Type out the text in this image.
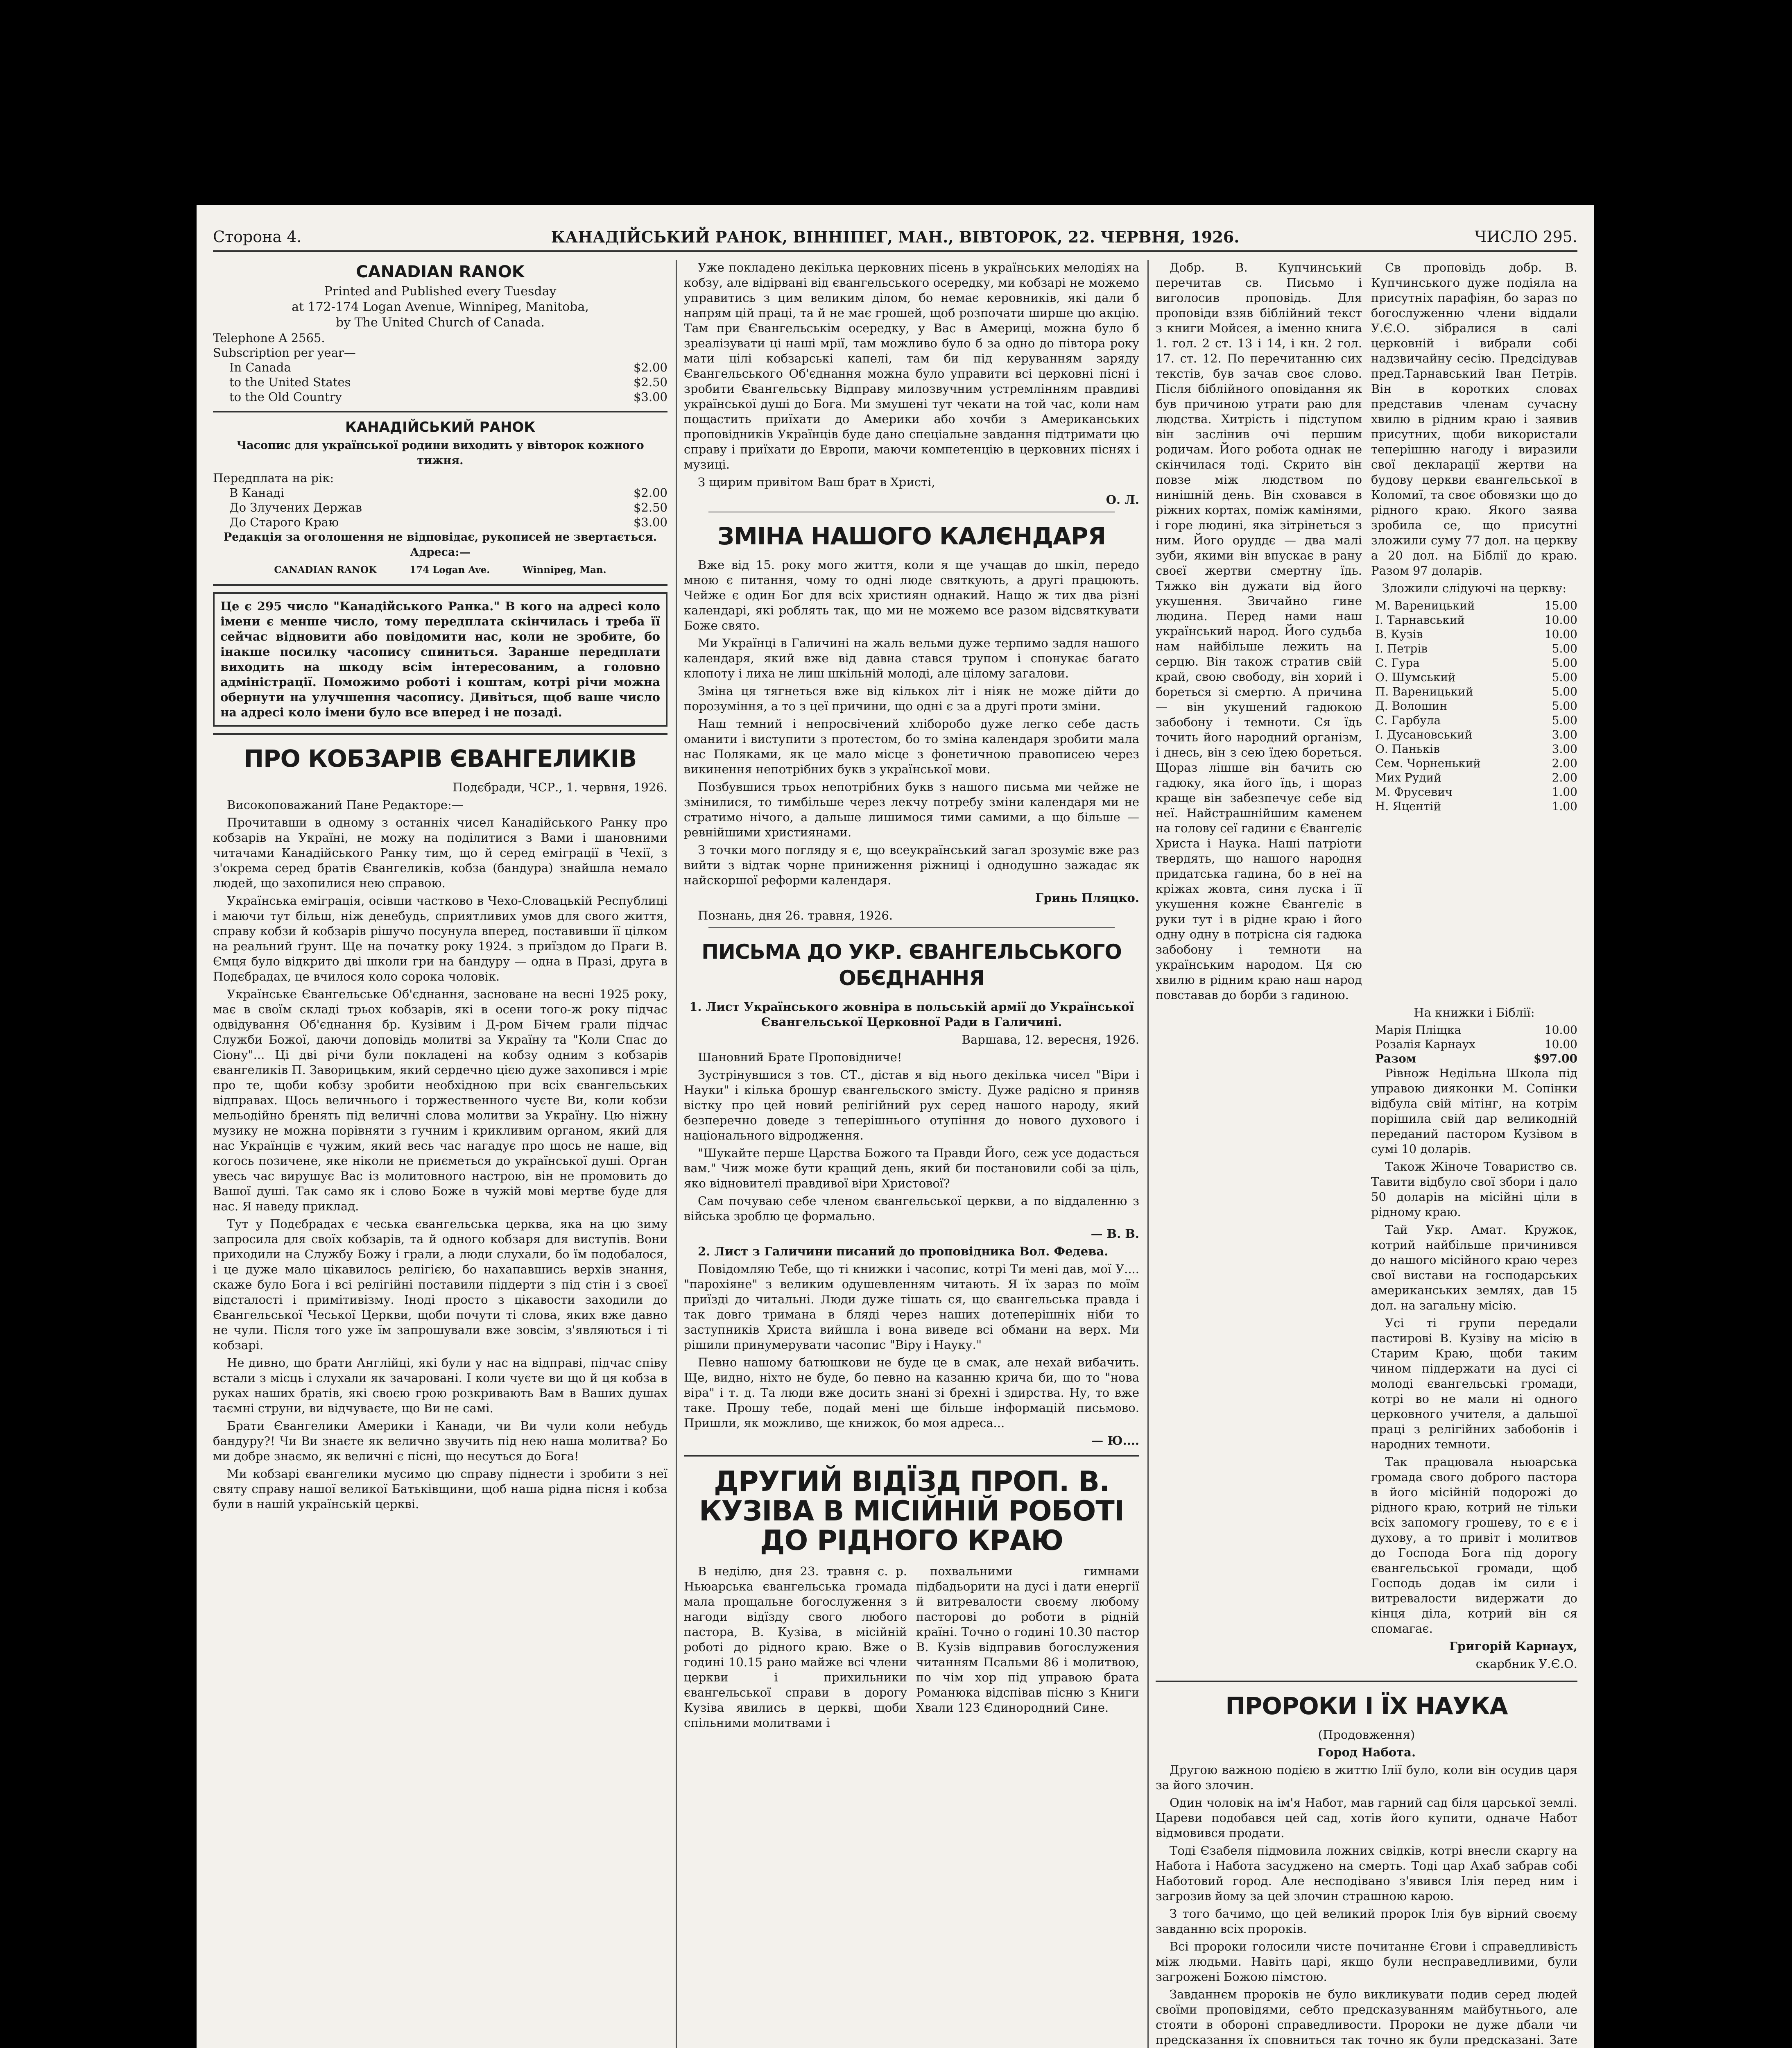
Сторона 4.	КАНАДІЙСЬКИЙ РАНОК, ВІННІПЕГ, МАН., ВІВТОРОК, 22. ЧЕРВНЯ, 1926.	ЧИСЛО 295.
CANADIAN RANOK
Printed and Published every Tuesday
at 172-174 Logan Avenue, Winnipeg, Manitoba,
by The United Church of Canada.
Telephone A 2565.
Subscription per year—
In Canada	$2.00
to the United States	$2.50
to the Old Country	$3.00
КАНАДІЙСЬКИЙ РАНОК
Часопис для української родини виходить у вівторок кожного тижня.
Передплата на рік:
В Канаді	$2.00
До Злучених Держав	$2.50
До Старого Краю	$3.00
Редакція за оголошення не відповідає, рукописей не звертається. Адреса:—
CANADIAN RANOK          174 Logan Ave.          Winnipeg, Man.
Це є 295 число "Канадійського Ранка." В кого на адресі коло імени є менше число, тому передплата скінчилась і треба її сейчас відновити або повідомити нас, коли не зробите, бо інакше посилку часопису спиниться. Заранше передплати виходить на шкоду всім інтересованим, а головно адміністрації. Поможимо роботі і коштам, котрі річи можна обернути на улучшення часопису. Дивіться, щоб ваше число на адресі коло імени було все вперед і не позаді.
ПРО КОБЗАРІВ ЄВАНГЕЛИКІВ
Подєбради, ЧСР., 1. червня, 1926.
Високоповажаний Пане Редакторе:—

Прочитавши в одному з останніх чисел Канадійського Ранку про кобзарів на Україні, не можу на поділитися з Вами і шановними читачами Канадійського Ранку тим, що й серед еміграції в Чехії, з з'окрема серед братів Євангеликів, кобза (бандура) знайшла немало людей, що захопилися нею справою.

Українська еміграція, осівши частково в Чехо-Словацькій Республиці і маючи тут більш, ніж денебудь, сприятливих умов для свого життя, справу кобзи й кобзарів рішучо посунула вперед, поставивши її цілком на реальний ґрунт. Ще на початку року 1924. з приїздом до Праги В. Ємця було відкрито дві школи гри на бандуру — одна в Празі, друга в Подєбрадах, це вчилося коло сорока чоловік.

Українське Євангельське Об'єднання, засноване на весні 1925 року, має в своїм складі трьох кобзарів, які в осени того-ж року підчас одвідування Об'єднання бр. Кузівим і Д-ром Бічем грали підчас Служби Божої, даючи доповідь молитві за Україну та "Коли Спас до Сіону"... Ці дві річи були покладені на кобзу одним з кобзарів євангеликів П. Заворицьким, який сердечно цією дуже захопився і мріє про те, щоби кобзу зробити необхідною при всіх євангельських відправах. Щось величнього і торжественного чуєте Ви, коли кобзи мельодійно бренять під величні слова молитви за Україну. Цю ніжну музику не можна порівняти з гучним і крикливим органом, який для нас Українців є чужим, який весь час нагадує про щось не наше, від когось позичене, яке ніколи не приєметься до української душі. Орган увесь час вирушує Вас із молитовного настрою, він не промовить до Вашої душі. Так само як і слово Боже в чужій мові мертве буде для нас. Я наведу приклад.

Тут у Подєбрадах є чеська євангельська церква, яка на цю зиму запросила для своїх кобзарів, та й одного кобзаря для виступів. Вони приходили на Службу Божу і грали, а люди слухали, бо їм подобалося, і це дуже мало цікавилось релігією, бо нахапавшись верхів знання, скаже було Бога і всі релігійні поставили піддерти з під стін і з своєї відсталості і примітивізму. Іноді просто з цікавости заходили до Євангельської Чеської Церкви, щоби почути ті слова, яких вже давно не чули. Після того уже їм запрошували вже зовсім, з'являються і ті кобзарі.

Не дивно, що брати Англійці, які були у нас на відправі, підчас співу встали з місць і слухали як зачаровані. І коли чуєте ви що й ця кобза в руках наших братів, які своєю грою розкривають Вам в Ваших душах таємні струни, ви відчуваєте, що Ви не самі.

Брати Євангелики Америки і Канади, чи Ви чули коли небудь бандуру?! Чи Ви знаєте як велично звучить під нею наша молитва? Бо ми добре знаємо, як величні є пісні, що несуться до Бога!

Ми кобзарі євангелики мусимо цю справу піднести і зробити з неї святу справу нашої великої Батьківщини, щоб наша рідна пісня і кобза були в нашій українській церкві.

Уже покладено декілька церковних пісень в українських мелодіях на кобзу, але відірвані від євангельського осередку, ми кобзарі не можемо управитись з цим великим ділом, бо немає керовників, які дали б напрям цій праці, та й не має грошей, щоб розпочати ширше цю акцію. Там при Євангельськім осередку, у Вас в Америці, можна було б зреалізувати ці наші мрії, там можливо було б за одно до півтора року мати цілі кобзарські капелі, там би під керуванням заряду Євангельського Об'єднання можна було управити всі церковні пісні і зробити Євангельську Відправу милозвучним устремлінням правдиві української душі до Бога. Ми змушені тут чекати на той час, коли нам пощастить приїхати до Америки або хочби з Американських проповідників Українців буде дано спеціальне завдання підтримати цю справу і приїхати до Европи, маючи компетенцію в церковних піснях і музиці.

З щирим привітом Ваш брат в Христі,

О. Л.
ЗМІНА НАШОГО КАЛЄНДАРЯ

Вже від 15. року мого життя, коли я ще учащав до шкіл, передо мною є питання, чому то одні люде святкують, а другі працюють. Чейже є один Бог для всіх християн однакий. Нащо ж тих два різні календарі, які роблять так, що ми не можемо все разом відсвяткувати Боже свято.

Ми Українці в Галичині на жаль вельми дуже терпимо задля нашого календаря, який вже від давна стався трупом і спонукає багато клопоту і лиха не лиш шкільній молоді, але цілому загалови.

Зміна ця тягнеться вже від кількох літ і ніяк не може дійти до порозуміння, а то з цеї причини, що одні є за а другі проти зміни.

Наш темний і непросвічений хліборобо дуже легко себе дасть оманити і виступити з протестом, бо то зміна календаря зробити мала нас Поляками, як це мало місце з фонетичною правописею через викинення непотрібних букв з української мови.

Позбувшися трьох непотрібних букв з нашого письма ми чейже не змінилися, то тимбільше через лекчу потребу зміни календаря ми не стратимо нічого, а дальше лишимося тими самими, а що більше — ревнійшими християнами.

З точки мого погляду я є, що всеукраїнський загал зрозуміє вже раз вийти з відтак чорне приниження ріжниці і однодушно зажадає як найскоршої реформи календаря.

Гринь Пляцко.
Познань, дня 26. травня, 1926.
ПИСЬМА ДО УКР. ЄВАНГЕЛЬСЬКОГО ОБЄДНАННЯ
1. Лист Українського жовніра в польській армії до Української Євангельської Церковної Ради в Галичині.
Варшава, 12. вересня, 1926.
Шановний Брате Проповідниче!

Зустрінувшися з тов. СТ., дістав я від нього декілька чисел "Віри і Науки" і кілька брошур євангельского змісту. Дуже радісно я приняв вістку про цей новий релігійний рух серед нашого народу, який безперечно доведе з теперішнього отупіння до нового духового і національного відродження.

"Шукайте перше Царства Божого та Правди Його, сеж усе додасться вам." Чиж може бути кращий день, який би постановили собі за ціль, яко відновителі правдивої віри Христової?

Сам почуваю себе членом євангельської церкви, а по віддаленню з війська зроблю це формально.

— В. В.
2. Лист з Галичини писаний до проповідника Вол. Федева.

Повідомляю Тебе, що ті книжки і часопис, котрі Ти мені дав, мої У.... "парохіяне" з великим одушевленням читають. Я їх зараз по моїм приїзді до читальні. Люди дуже тішать ся, що євангельська правда і так довго тримана в бляді через наших дотеперішніх ніби то заступників Христа вийшла і вона виведе всі обмани на верх. Ми рішили принумерувати часопис "Віру і Науку."

Певно нашому батюшкови не буде це в смак, але нехай вибачить. Ще, видно, ніхто не буде, бо певно на казанню крича би, що то "нова віра" і т. д. Та люди вже досить знані зі брехні і здирства. Ну, то вже таке. Прошу тебе, подай мені ще більше інформацій письмово. Пришли, як можливо, ще книжок, бо моя адреса...

— Ю....
ДРУГИЙ ВІДЇЗД ПРОП. В. КУЗІВА В МІСІЙНІЙ РОБОТІ ДО РІДНОГО КРАЮ

В неділю, дня 23. травня с. р. Ньюарська євангельська громада мала прощальне богослуження з нагоди відїзду свого любого пастора, В. Кузіва, в місійній роботі до рідного краю. Вже о годині 10.15 рано майже всі члени церкви і прихильники євангельської справи в дорогу Кузіва явились в церкві, щоби спільними молитвами і

похвальними гимнами підбадьорити на дусі і дати енергії й витревалости своєму любому пасторові до роботи в рідній країні. Точно о годині 10.30 пастор В. Кузів відправив богослужения читанням Псальми 86 і молитвою, по чім хор під управою брата Романюка відспівав пісню з Книги Хвали 123 Єдинородний Сине.

Добр. В. Купчинський перечитав св. Письмо і виголосив проповідь. Для проповіди взяв біблійний текст з книги Мойсея, а іменно книга 1. гол. 2 ст. 13 і 14, і кн. 2 гол. 17. ст. 12. По перечитанню сих текстів, був зачав своє слово. Після біблійного оповідання як був причиною утрати раю для людства. Хитрість і підступом він заслінив очі першим родичам. Його робота однак не скінчилася тоді. Скрито він повзе між людством по нинішній день. Він сховався в ріжних кортах, поміж камінями, і горе людині, яка зітрінеться з ним. Його оруддє — два малі зуби, якими він впускає в рану своєї жертви смертну їдь. Тяжко він дужати від його укушення. Звичайно гине людина. Перед нами наш український народ. Його судьба нам найбільше лежить на серцю. Він також стратив свій край, свою свободу, він хорий і бореться зі смертю. А причина — він укушений гадюкою забобону і темноти. Ся їдь точить його народний організм, і днесь, він з сею їдею бореться. Щораз лішше він бачить сю гадюку, яка його їдь, і щораз краще він забезпечує себе від неї. Найстрашнійшим каменем на голову сеї гадини є Євангеліє Христа і Наука. Наші патріоти твердять, що нашого народня придатська гадина, бо в неї на кріжах жовта, синя луска і її укушення кожне Євангеліє в руки тут і в рідне краю і його одну одну в потрісна сія гадюка забобону і темноти на українським народом. Ця сю хвилю в рідним краю наш народ повставав до борби з гадиною.

Св проповідь добр. В. Купчинського дуже подіяла на присутніх парафіян, бо зараз по богослуженню члени віддали У.Є.О. зібралися в салі церковній і вибрали собі надзвичайну сесію. Предсідував пред.Тарнавський Іван Петрів. Він в коротких словах представив членам сучасну хвилю в рідним краю і заявив присутних, щоби використали теперішню нагоду і виразили свої декларації жертви на будову церкви євангельської в Коломиї, та своє обовязки що до рідного краю. Якого заява зробила се, що присутні зложили суму 77 дол. на церкву а 20 дол. на Біблії до краю. Разом 97 доларів.

Зложили слідуючі на церкву:
М. Вареницький	15.00
І. Тарнавський	10.00
В. Кузів	10.00
І. Петрів	5.00
С. Гура	5.00
О. Шумський	5.00
П. Вареницький	5.00
Д. Волошин	5.00
С. Гарбула	5.00
І. Дусановський	3.00
О. Паньків	3.00
Сем. Чорненький	2.00
Мих Рудий	2.00
М. Фрусевич	1.00
Н. Яцентій	1.00
На книжки і Біблії:
Марія Пліщка	10.00
Розалія Карнаух	10.00
Разом	$97.00

Рівнож Недільна Школа під управою дияконки М. Сопінки відбула свій мітінг, на котрім порішила свій дар великодній переданий пастором Кузівом в сумі 10 доларів.

Також Жіноче Товариство св. Тавити відбуло свої збори і дало 50 доларів на місійні ціли в рідному краю.

Тай Укр. Амат. Кружок, котрий найбільше причинився до нашого місійного краю через свої вистави на господарських американських землях, дав 15 дол. на загальну місію.

Усі ті групи передали пастирові В. Кузіву на місію в Старим Краю, щоби таким чином піддержати на дусі сі молоді євангельські громади, котрі во не мали ні одного церковного учителя, а дальшої праці з релігійних забобонів і народних темноти.

Так працювала ньюарська громада свого доброго пастора в його місійній подорожі до рідного краю, котрий не тільки всіх запомогу грошеву, то є є і духову, а то привіт і молитвов до Господа Бога під дорогу євангельської громади, щоб Господь додав ім сили і витревалости видержати до кінця діла, котрий він ся спомагає.

Григорій Карнаух,
скарбник У.Є.О.
ПРОРОКИ І ЇХ НАУКА
(Продовження)
Город Набота.

Другою важною подією в життю Ілії було, коли він осудив царя за його злочин.

Один чоловік на ім'я Набот, мав гарний сад біля царської землі. Цареви подобався цей сад, хотів його купити, одначе Набот відмовився продати.

Тоді Єзабеля підмовила ложних свідків, котрі внесли скаргу на Набота і Набота засуджено на смерть. Тоді цар Ахаб забрав собі Наботовий город. Але несподівано з'явився Ілія перед ним і загрозив йому за цей злочин страшною карою.

З того бачимо, що цей великий пророк Ілія був вірний своєму завданню всіх пророків.

Всі пророки голосили чисте почитанне Єгови і справедливість між людьми. Навіть царі, якщо були несправедливими, були загрожені Божою пімстою.

Завданнєм пророків не було викликувати подив серед людей своїми проповідями, себто предсказуванням майбутнього, але стояти в обороні справедливости. Пророки не дуже дбали чи предсказання їх сповниться так точно як були предсказані. Зате
